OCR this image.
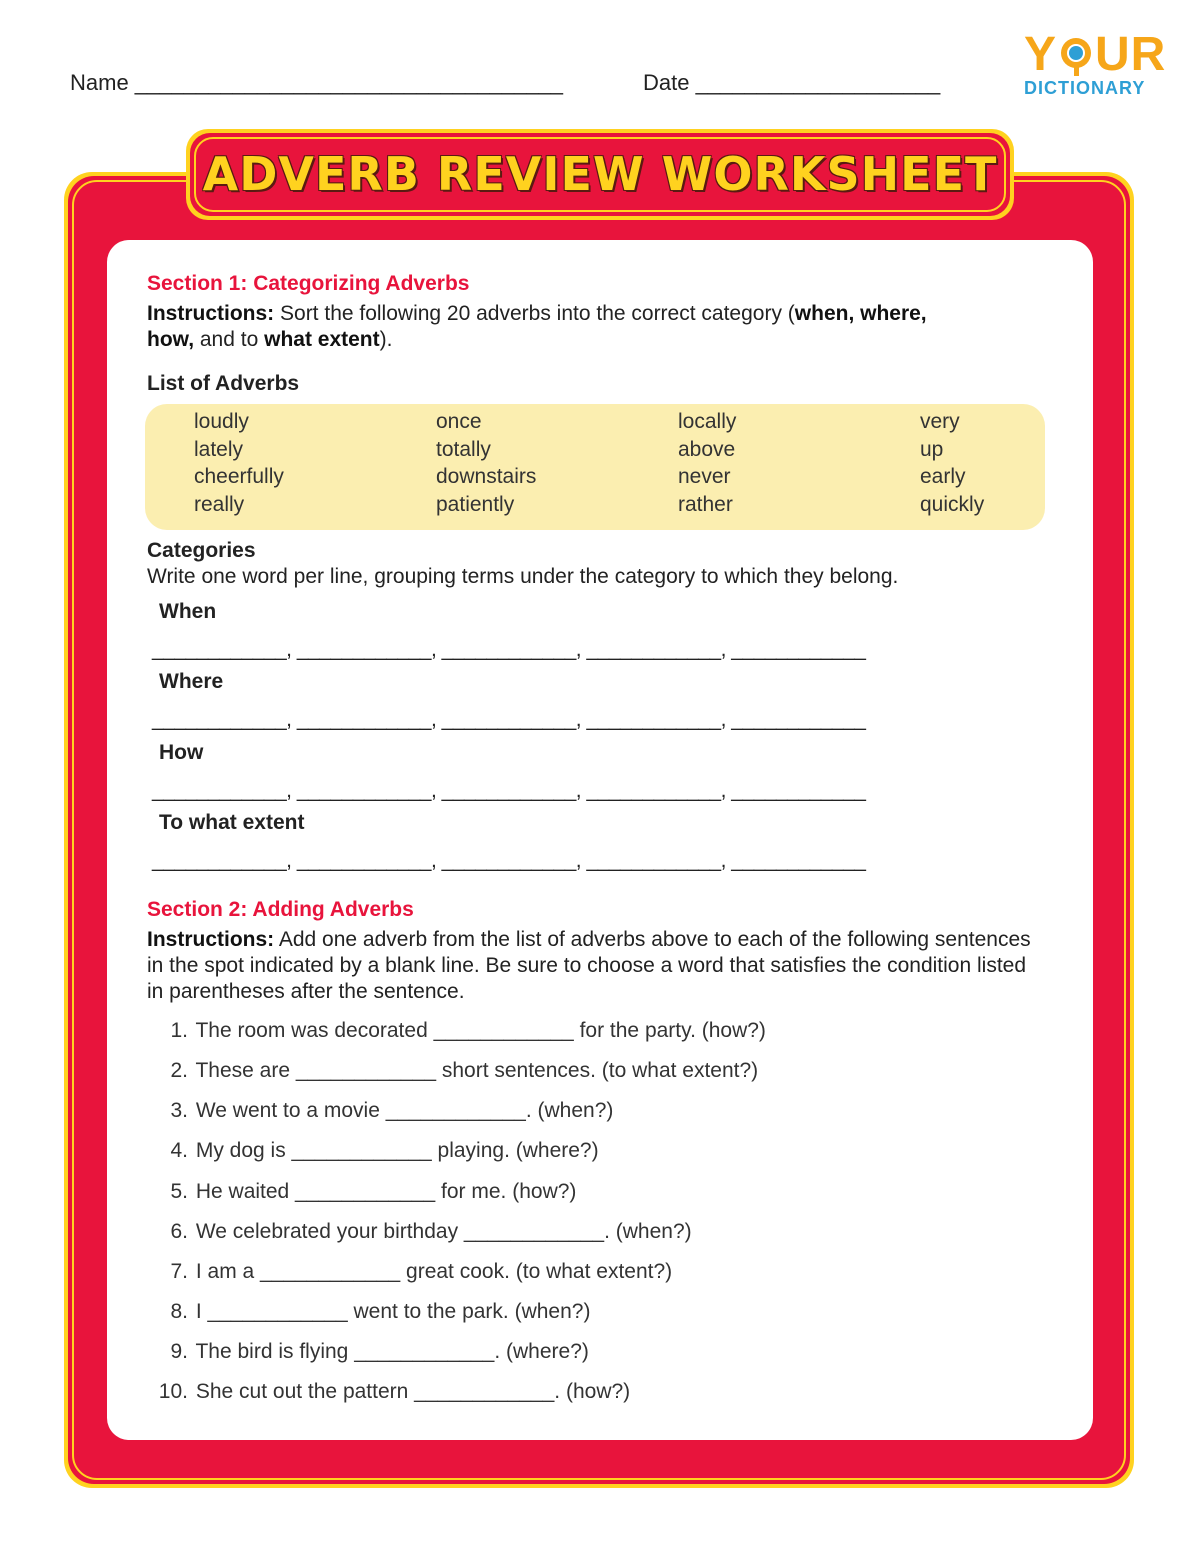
Name ___________________________________	Date ____________________
Y UR
DICTIONARY
ADVERB REVIEW WORKSHEET
Section 1: Categorizing Adverbs
Instructions: Sort the following 20 adverbs into the correct category (when, where,
how, and to what extent).
List of Adverbs
loudly
lately
cheerfully
really
once
totally
downstairs
patiently
locally
above
never
rather
very
up
early
quickly
Categories
Write one word per line, grouping terms under the category to which they belong.
When
____________, ____________, ____________, ____________, ____________
Where
____________, ____________, ____________, ____________, ____________
How
____________, ____________, ____________, ____________, ____________
To what extent
____________, ____________, ____________, ____________, ____________
Section 2: Adding Adverbs
Instructions: Add one adverb from the list of adverbs above to each of the following sentences in the spot indicated by a blank line. Be sure to choose a word that satisfies the condition listed in parentheses after the sentence.
1. The room was decorated ____________ for the party. (how?)
2. These are ____________ short sentences. (to what extent?)
3. We went to a movie ____________. (when?)
4. My dog is ____________ playing. (where?)
5. He waited ____________ for me. (how?)
6. We celebrated your birthday ____________. (when?)
7. I am a ____________ great cook. (to what extent?)
8. I ____________ went to the park. (when?)
9. The bird is flying ____________. (where?)
10. She cut out the pattern ____________. (how?)
